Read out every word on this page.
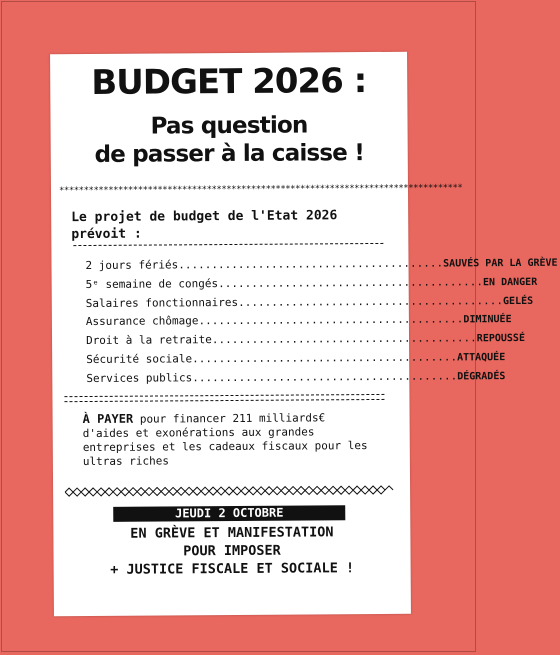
BUDGET 2026 :
Pas question
de passer à la caisse !
**********************************************************************************
Le projet de budget de l'Etat 2026
prévoit :
2 jours fériés .....	SAUVÉS PAR LA GRÈVE
5ᵉ semaine de congés .....	EN DANGER
Salaires fonctionnaires .....	GELÉS
Assurance chômage .....	DIMINUÉE
Droit à la retraite .....	REPOUSSÉ
Sécurité sociale .....	ATTAQUÉE
Services publics .....	DÉGRADÉS
À PAYER pour financer 211 milliards€ d'aides et exonérations aux grandes entreprises et les cadeaux fiscaux pour les ultras riches
JEUDI 2 OCTOBRE
EN GRÈVE ET MANIFESTATION
POUR IMPOSER
+ JUSTICE FISCALE ET SOCIALE !
